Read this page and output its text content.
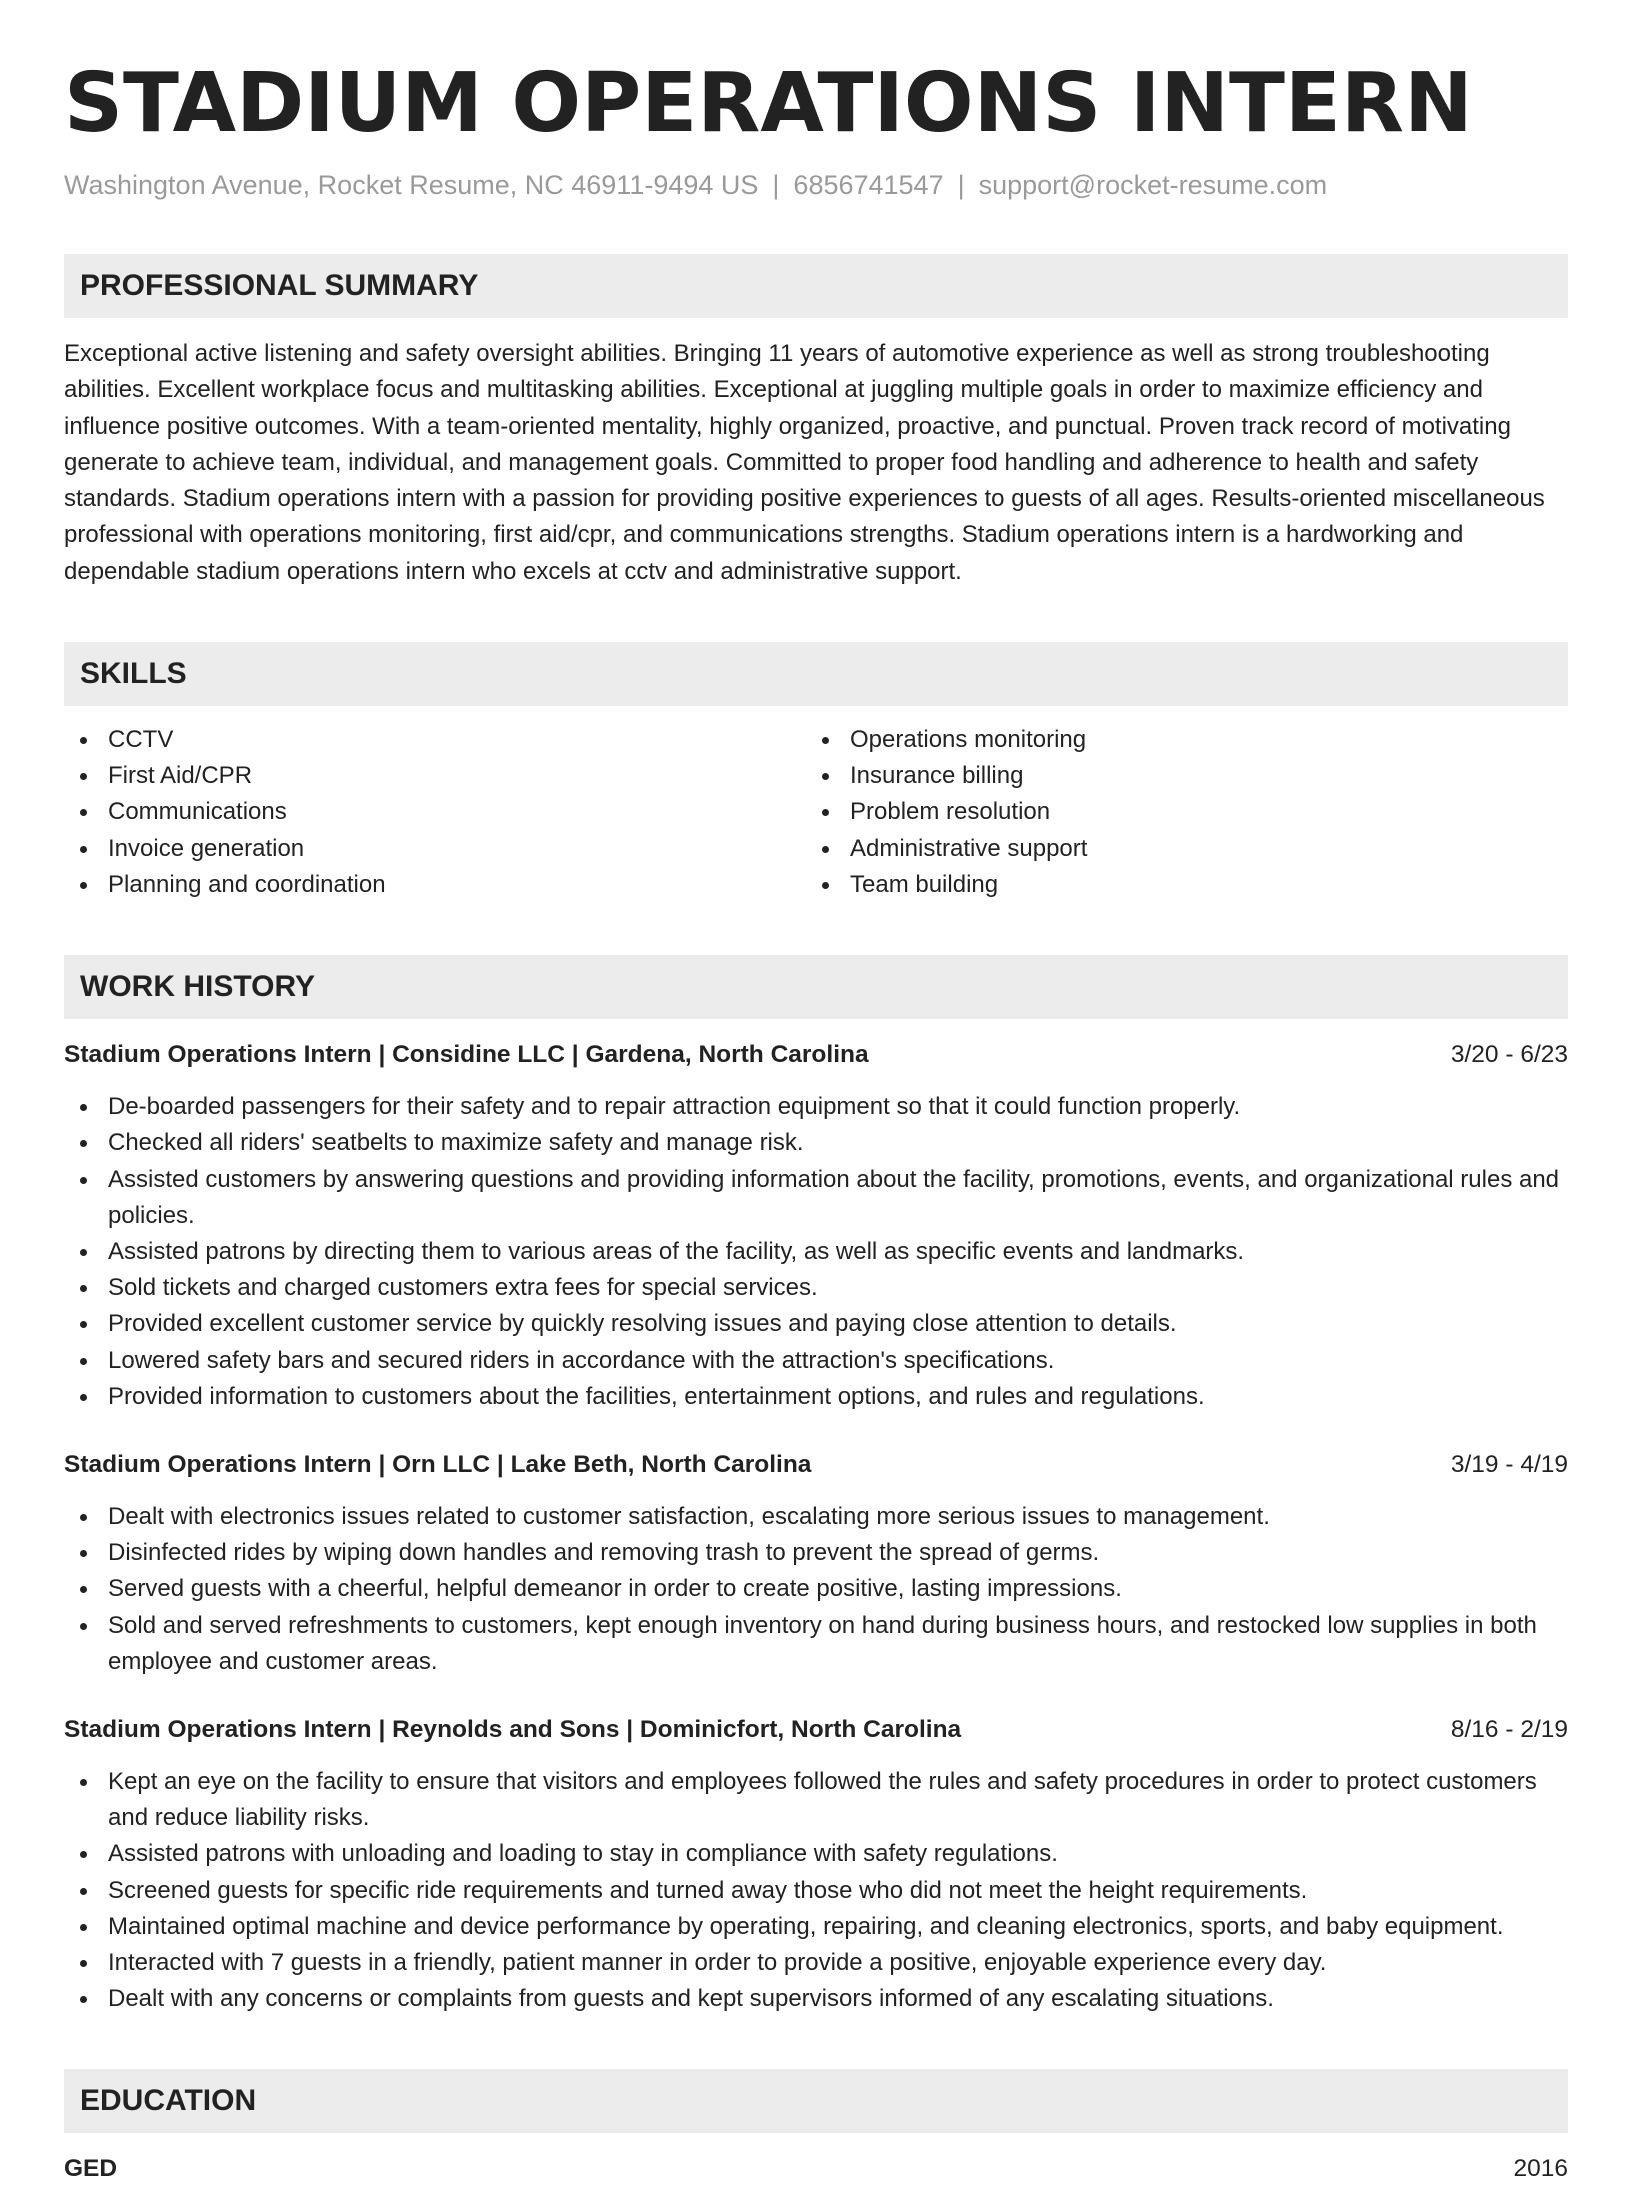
STADIUM OPERATIONS INTERN
Washington Avenue, Rocket Resume, NC 46911-9494 US | 6856741547 | support@rocket-resume.com
PROFESSIONAL SUMMARY

Exceptional active listening and safety oversight abilities. Bringing 11 years of automotive experience as well as strong troubleshooting abilities. Excellent workplace focus and multitasking abilities. Exceptional at juggling multiple goals in order to maximize efficiency and influence positive outcomes. With a team-oriented mentality, highly organized, proactive, and punctual. Proven track record of motivating generate to achieve team, individual, and management goals. Committed to proper food handling and adherence to health and safety standards. Stadium operations intern with a passion for providing positive experiences to guests of all ages. Results-oriented miscellaneous professional with operations monitoring, first aid/cpr, and communications strengths. Stadium operations intern is a hardworking and dependable stadium operations intern who excels at cctv and administrative support.

SKILLS
CCTV
First Aid/CPR
Communications
Invoice generation
Planning and coordination
Operations monitoring
Insurance billing
Problem resolution
Administrative support
Team building
WORK HISTORY
Stadium Operations Intern | Considine LLC | Gardena, North Carolina	3/20 - 6/23
De-boarded passengers for their safety and to repair attraction equipment so that it could function properly.
Checked all riders' seatbelts to maximize safety and manage risk.
Assisted customers by answering questions and providing information about the facility, promotions, events, and organizational rules and policies.
Assisted patrons by directing them to various areas of the facility, as well as specific events and landmarks.
Sold tickets and charged customers extra fees for special services.
Provided excellent customer service by quickly resolving issues and paying close attention to details.
Lowered safety bars and secured riders in accordance with the attraction's specifications.
Provided information to customers about the facilities, entertainment options, and rules and regulations.
Stadium Operations Intern | Orn LLC | Lake Beth, North Carolina	3/19 - 4/19
Dealt with electronics issues related to customer satisfaction, escalating more serious issues to management.
Disinfected rides by wiping down handles and removing trash to prevent the spread of germs.
Served guests with a cheerful, helpful demeanor in order to create positive, lasting impressions.
Sold and served refreshments to customers, kept enough inventory on hand during business hours, and restocked low supplies in both employee and customer areas.
Stadium Operations Intern | Reynolds and Sons | Dominicfort, North Carolina	8/16 - 2/19
Kept an eye on the facility to ensure that visitors and employees followed the rules and safety procedures in order to protect customers and reduce liability risks.
Assisted patrons with unloading and loading to stay in compliance with safety regulations.
Screened guests for specific ride requirements and turned away those who did not meet the height requirements.
Maintained optimal machine and device performance by operating, repairing, and cleaning electronics, sports, and baby equipment.
Interacted with 7 guests in a friendly, patient manner in order to provide a positive, enjoyable experience every day.
Dealt with any concerns or complaints from guests and kept supervisors informed of any escalating situations.
EDUCATION
GED	2016
